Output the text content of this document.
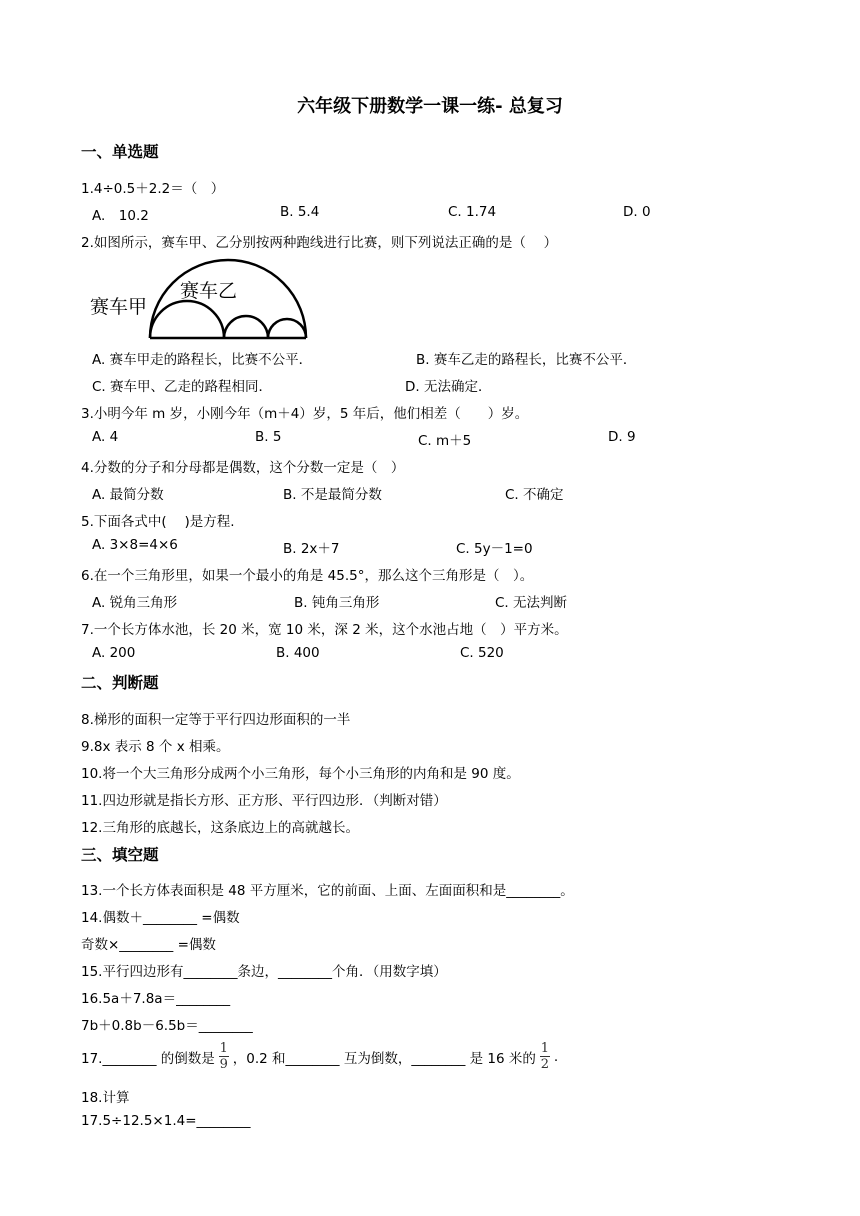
六年级下册数学一课一练- 总复习
一、单选题
1.4÷0.5＋2.2＝（　）
A.　10.2	B. 5.4	C. 1.74	D. 0
2.如图所示，赛车甲、乙分别按两种跑线进行比赛，则下列说法正确的是（　 ）
赛车甲
赛车乙
A. 赛车甲走的路程长，比赛不公平．	B. 赛车乙走的路程长，比赛不公平．
C. 赛车甲、乙走的路程相同．	D. 无法确定．
3.小明今年 m 岁，小刚今年（m＋4）岁，5 年后，他们相差（　　）岁。
A. 4	B. 5	C. m＋5	D. 9
4.分数的分子和分母都是偶数，这个分数一定是（　）
A. 最简分数	B. 不是最简分数	C. 不确定
5.下面各式中(　 )是方程.
A. 3×8=4×6	B. 2x＋7	C. 5y－1=0
6.在一个三角形里，如果一个最小的角是 45.5°，那么这个三角形是（　）。
A. 锐角三角形	B. 钝角三角形	C. 无法判断
7.一个长方体水池，长 20 米，宽 10 米，深 2 米，这个水池占地（　）平方米。
A. 200	B. 400	C. 520
二、判断题
8.梯形的面积一定等于平行四边形面积的一半
9.8x 表示 8 个 x 相乘。
10.将一个大三角形分成两个小三角形，每个小三角形的内角和是 90 度。
11.四边形就是指长方形、正方形、平行四边形．（判断对错）
12.三角形的底越长，这条底边上的高就越长。
三、填空题
13.一个长方体表面积是 48 平方厘米，它的前面、上面、左面面积和是________。
14.偶数＋________ =偶数
奇数×________ =偶数
15.平行四边形有________条边，________个角．（用数字填）
16.5a＋7.8a＝________
7b＋0.8b－6.5b＝________
17.________ 的倒数是 $\frac{1}{9}$ ，0.2 和________ 互为倒数，________ 是 16 米的 $\frac{1}{2}$ .
18.计算
17.5÷12.5×1.4=________
